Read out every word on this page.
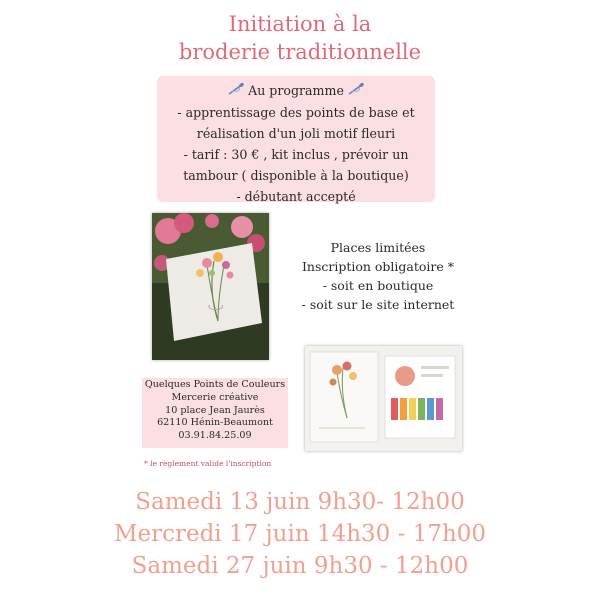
Initiation à la
broderie traditionnelle
Au programme
- apprentissage des points de base et
réalisation d'un joli motif fleuri
- tarif : 30 € , kit inclus , prévoir un
tambour ( disponible à la boutique)
- débutant accepté
Places limitées
Inscription obligatoire *
- soit en boutique
- soit sur le site internet
Quelques Points de Couleurs
Mercerie créative
10 place Jean Jaurès
62110 Hénin-Beaumont
03.91.84.25.09
* le règlement valide l'inscription
Samedi 13 juin 9h30- 12h00
Mercredi 17 juin 14h30 - 17h00
Samedi 27 juin 9h30 - 12h00
